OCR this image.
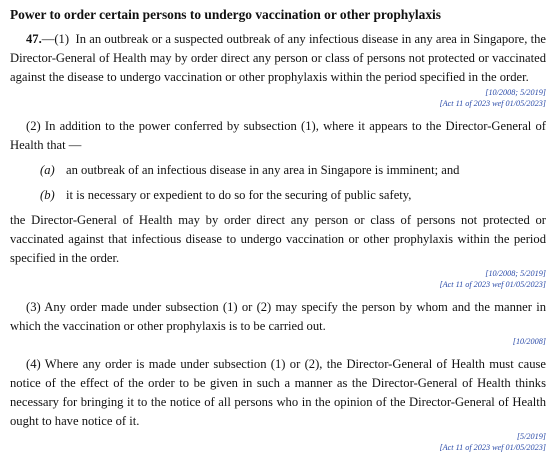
Power to order certain persons to undergo vaccination or other prophylaxis

47.—(1) In an outbreak or a suspected outbreak of any infectious disease in any area in Singapore, the Director-General of Health may by order direct any person or class of persons not protected or vaccinated against the disease to undergo vaccination or other prophylaxis within the period specified in the order.

[10/2008; 5/2019]

[Act 11 of 2023 wef 01/05/2023]

(2) In addition to the power conferred by subsection (1), where it appears to the Director-General of Health that —

(a) an outbreak of an infectious disease in any area in Singapore is imminent; and
(b) it is necessary or expedient to do so for the securing of public safety,

the Director-General of Health may by order direct any person or class of persons not protected or vaccinated against that infectious disease to undergo vaccination or other prophylaxis within the period specified in the order.

[10/2008; 5/2019]

[Act 11 of 2023 wef 01/05/2023]

(3) Any order made under subsection (1) or (2) may specify the person by whom and the manner in which the vaccination or other prophylaxis is to be carried out.

[10/2008]

(4) Where any order is made under subsection (1) or (2), the Director-General of Health must cause notice of the effect of the order to be given in such a manner as the Director-General of Health thinks necessary for bringing it to the notice of all persons who in the opinion of the Director-General of Health ought to have notice of it.

[5/2019]

[Act 11 of 2023 wef 01/05/2023]
